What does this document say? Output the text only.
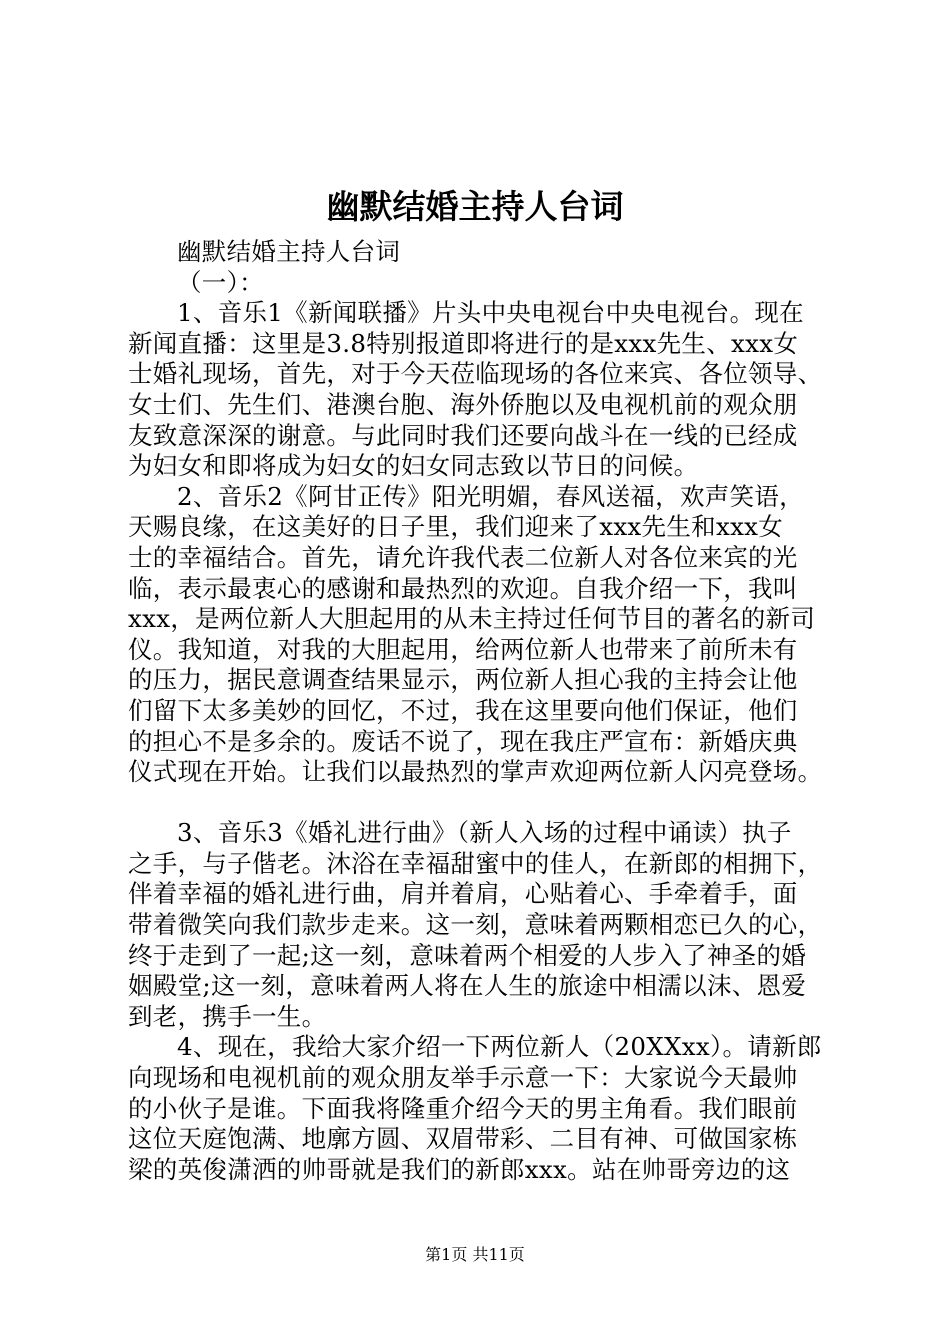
幽默结婚主持人台词
幽默结婚主持人台词
（一）：
1、音乐1《新闻联播》片头中央电视台中央电视台。现在
新闻直播：这里是3.8特别报道即将进行的是xxx先生、xxx女
士婚礼现场，首先，对于今天莅临现场的各位来宾、各位领导、
女士们、先生们、港澳台胞、海外侨胞以及电视机前的观众朋
友致意深深的谢意。与此同时我们还要向战斗在一线的已经成
为妇女和即将成为妇女的妇女同志致以节日的问候。
2、音乐2《阿甘正传》阳光明媚，春风送福，欢声笑语，
天赐良缘，在这美好的日子里，我们迎来了xxx先生和xxx女
士的幸福结合。首先，请允许我代表二位新人对各位来宾的光
临，表示最衷心的感谢和最热烈的欢迎。自我介绍一下，我叫
xxx，是两位新人大胆起用的从未主持过任何节目的著名的新司
仪。我知道，对我的大胆起用，给两位新人也带来了前所未有
的压力，据民意调查结果显示，两位新人担心我的主持会让他
们留下太多美妙的回忆，不过，我在这里要向他们保证，他们
的担心不是多余的。废话不说了，现在我庄严宣布：新婚庆典
仪式现在开始。让我们以最热烈的掌声欢迎两位新人闪亮登场。
3、音乐3《婚礼进行曲》（新人入场的过程中诵读）执子
之手，与子偕老。沐浴在幸福甜蜜中的佳人，在新郎的相拥下，
伴着幸福的婚礼进行曲，肩并着肩，心贴着心、手牵着手，面
带着微笑向我们款步走来。这一刻，意味着两颗相恋已久的心，
终于走到了一起;这一刻，意味着两个相爱的人步入了神圣的婚
姻殿堂;这一刻，意味着两人将在人生的旅途中相濡以沫、恩爱
到老，携手一生。
4、现在，我给大家介绍一下两位新人（20XXxx）。请新郎
向现场和电视机前的观众朋友举手示意一下：大家说今天最帅
的小伙子是谁。下面我将隆重介绍今天的男主角看。我们眼前
这位天庭饱满、地廓方圆、双眉带彩、二目有神、可做国家栋
梁的英俊潇洒的帅哥就是我们的新郎xxx。站在帅哥旁边的这
第1页 共11页
